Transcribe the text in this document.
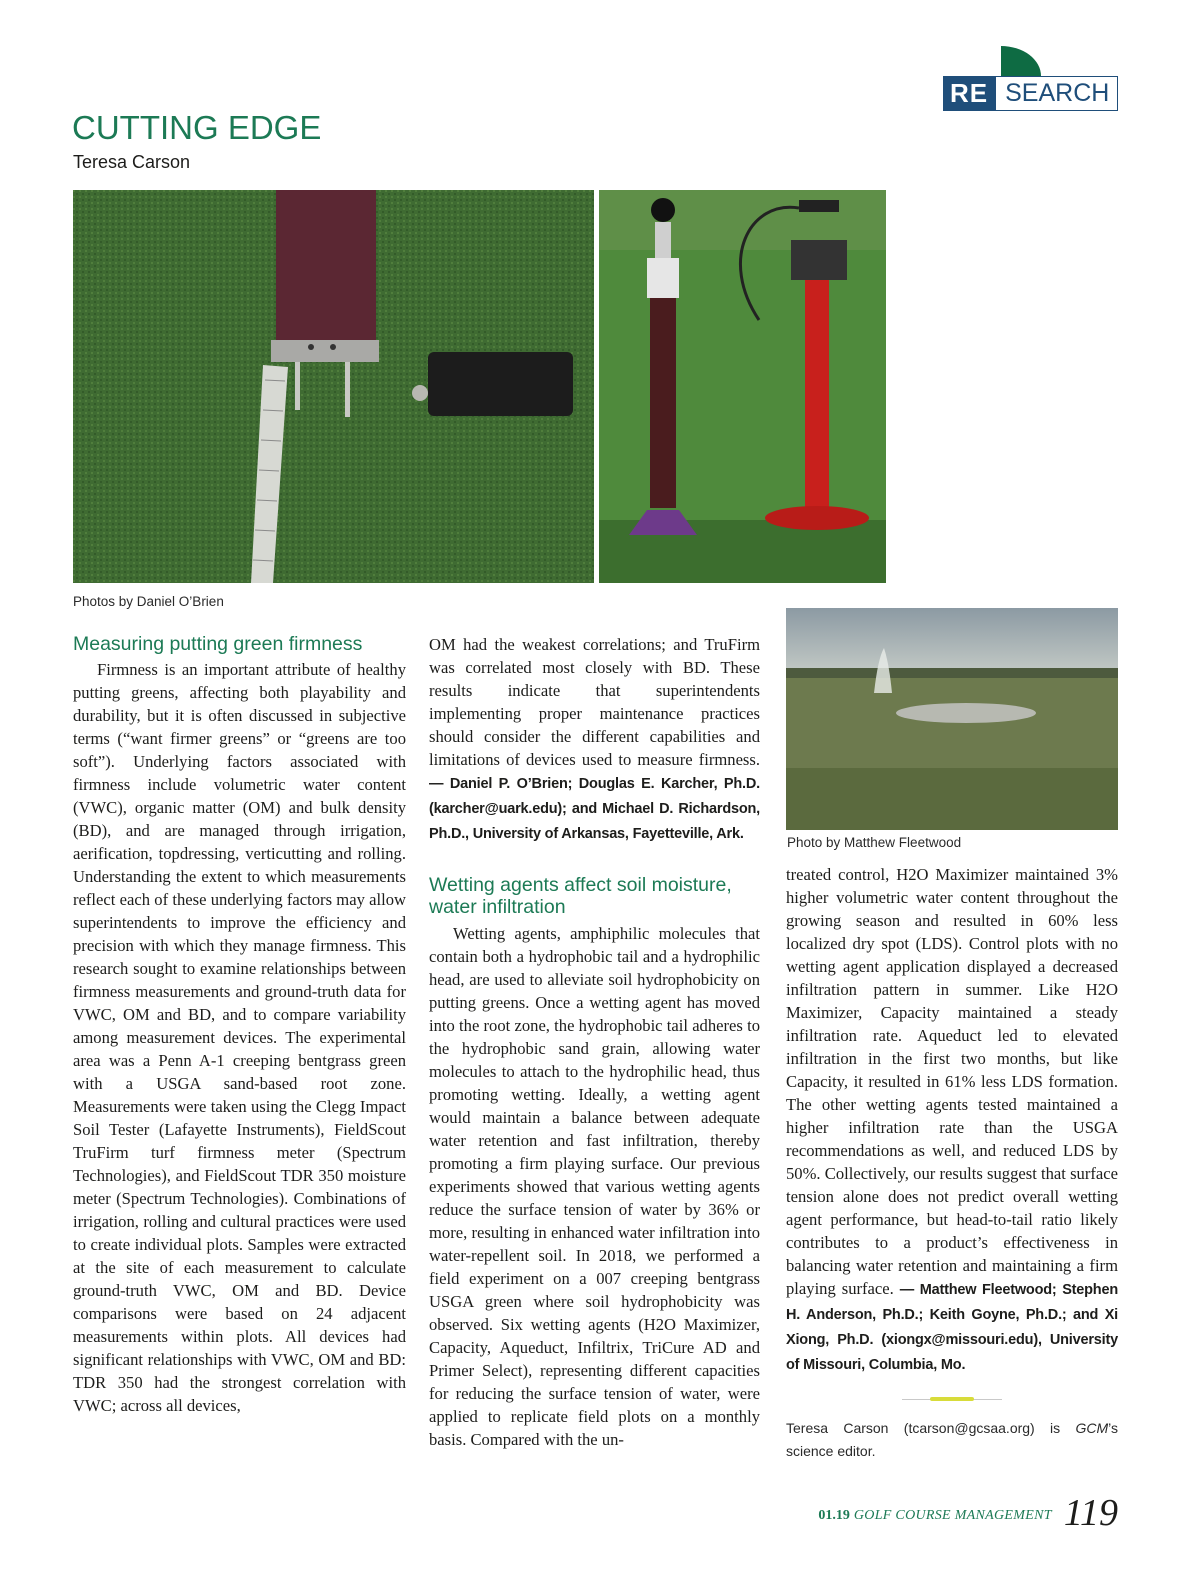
RE SEARCH
CUTTING EDGE
Teresa Carson
Photos by Daniel O’Brien
Photo by Matthew Fleetwood
Measuring putting green firmness

Firmness is an important attribute of healthy putting greens, affecting both playability and durability, but it is often discussed in subjective terms (“want firmer greens” or “greens are too soft”). Underlying factors associated with firmness include volumetric water content (VWC), organic matter (OM) and bulk density (BD), and are managed through irrigation, aerification, topdressing, verticutting and rolling. Understanding the extent to which measurements reflect each of these underlying factors may allow superintendents to improve the efficiency and precision with which they manage firmness. This research sought to examine relationships between firmness measurements and ground-truth data for VWC, OM and BD, and to compare variability among measurement devices. The experimental area was a Penn A-1 creeping bentgrass green with a USGA sand-based root zone. Measurements were taken using the Clegg Impact Soil Tester (Lafayette Instruments), FieldScout TruFirm turf firmness meter (Spectrum Technologies), and FieldScout TDR 350 moisture meter (Spectrum Technologies). Combinations of irrigation, rolling and cultural practices were used to create individual plots. Samples were extracted at the site of each measurement to calculate ground-truth VWC, OM and BD. Device comparisons were based on 24 adjacent measurements within plots. All devices had significant relationships with VWC, OM and BD: TDR 350 had the strongest correlation with VWC; across all devices,

OM had the weakest correlations; and TruFirm was correlated most closely with BD. These results indicate that superintendents implementing proper maintenance practices should consider the different capabilities and limitations of devices used to measure firmness. — Daniel P. O’Brien; Douglas E. Karcher, Ph.D. (karcher@uark.edu); and Michael D. Richardson, Ph.D., University of Arkansas, Fayetteville, Ark.

Wetting agents affect soil moisture, water infiltration

Wetting agents, amphiphilic molecules that contain both a hydrophobic tail and a hydrophilic head, are used to alleviate soil hydrophobicity on putting greens. Once a wetting agent has moved into the root zone, the hydrophobic tail adheres to the hydrophobic sand grain, allowing water molecules to attach to the hydrophilic head, thus promoting wetting. Ideally, a wetting agent would maintain a balance between adequate water retention and fast infiltration, thereby promoting a firm playing surface. Our previous experiments showed that various wetting agents reduce the surface tension of water by 36% or more, resulting in enhanced water infiltration into water-repellent soil. In 2018, we performed a field experiment on a 007 creeping bentgrass USGA green where soil hydrophobicity was observed. Six wetting agents (H2O Maximizer, Capacity, Aqueduct, Infiltrix, TriCure AD and Primer Select), representing different capacities for reducing the surface tension of water, were applied to replicate field plots on a monthly basis. Compared with the un-

treated control, H2O Maximizer maintained 3% higher volumetric water content throughout the growing season and resulted in 60% less localized dry spot (LDS). Control plots with no wetting agent application displayed a decreased infiltration pattern in summer. Like H2O Maximizer, Capacity maintained a steady infiltration rate. Aqueduct led to elevated infiltration in the first two months, but like Capacity, it resulted in 61% less LDS formation. The other wetting agents tested maintained a higher infiltration rate than the USGA recommendations as well, and reduced LDS by 50%. Collectively, our results suggest that surface tension alone does not predict overall wetting agent performance, but head-to-tail ratio likely contributes to a product’s effectiveness in balancing water retention and maintaining a firm playing surface. — Matthew Fleetwood; Stephen H. Anderson, Ph.D.; Keith Goyne, Ph.D.; and Xi Xiong, Ph.D. (xiongx@missouri.edu), University of Missouri, Columbia, Mo.

Teresa Carson (tcarson@gcsaa.org) is GCM’s science editor.
01.19 GOLF COURSE MANAGEMENT 119
